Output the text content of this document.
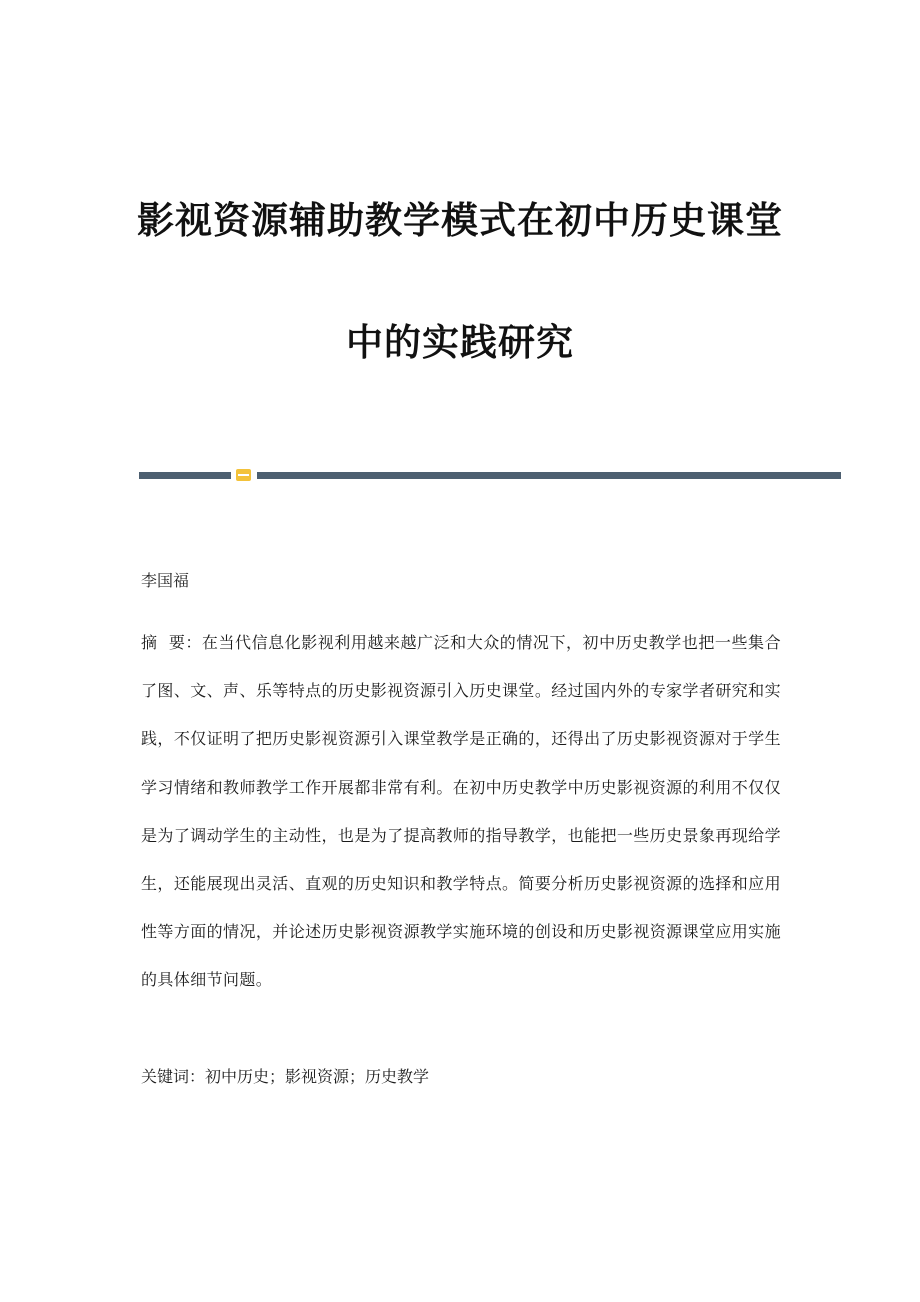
影视资源辅助教学模式在初中历史课堂
中的实践研究

李国福

摘  要：在当代信息化影视利用越来越广泛和大众的情况下，初中历史教学也把一些集合了图、文、声、乐等特点的历史影视资源引入历史课堂。经过国内外的专家学者研究和实践，不仅证明了把历史影视资源引入课堂教学是正确的，还得出了历史影视资源对于学生学习情绪和教师教学工作开展都非常有利。在初中历史教学中历史影视资源的利用不仅仅是为了调动学生的主动性，也是为了提高教师的指导教学，也能把一些历史景象再现给学生，还能展现出灵活、直观的历史知识和教学特点。简要分析历史影视资源的选择和应用性等方面的情况，并论述历史影视资源教学实施环境的创设和历史影视资源课堂应用实施的具体细节问题。

关键词：初中历史；影视资源；历史教学
